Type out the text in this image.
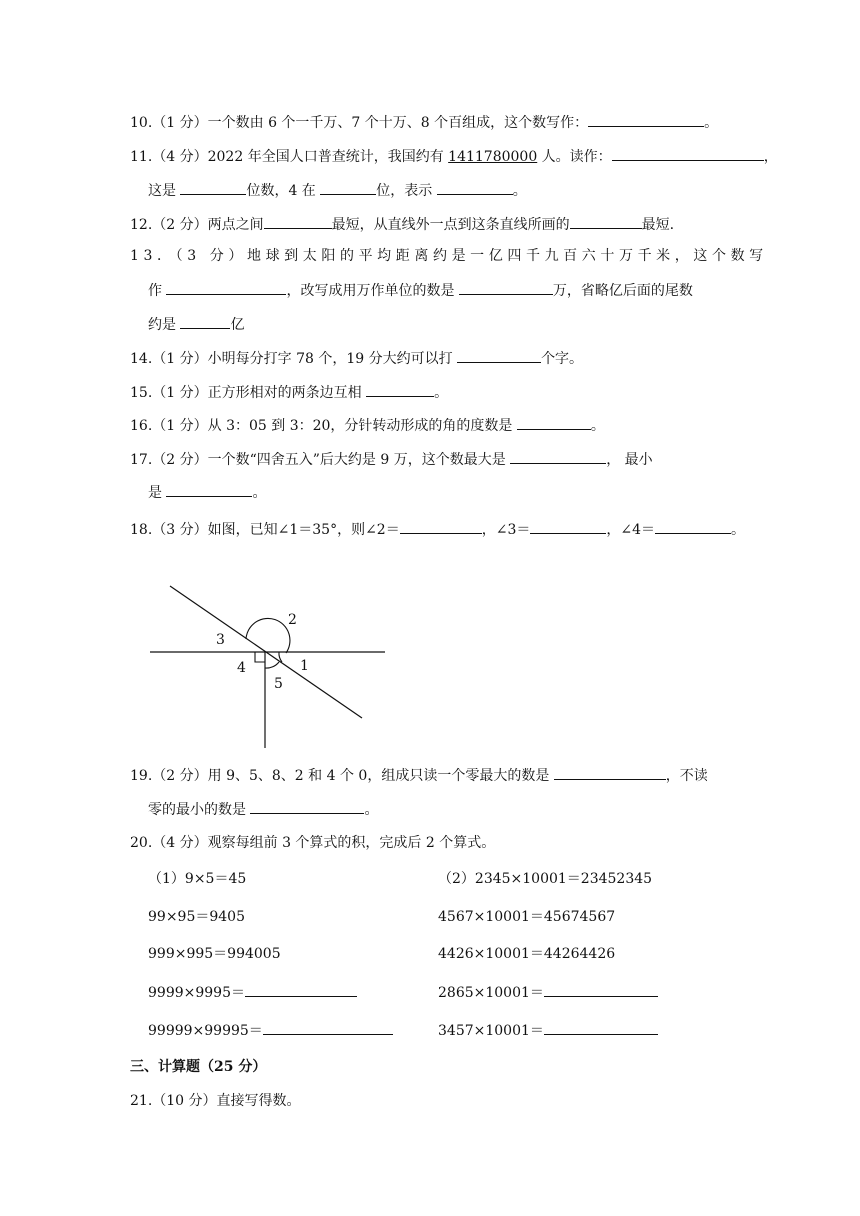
10.（1 分）一个数由 6 个一千万、7 个十万、8 个百组成，这个数写作：	。
11.（4 分）2022 年全国人口普查统计，我国约有 1411780000 人。读作：	，
这是	位数，4 在	位，表示	。
12.（2 分）两点之间	最短，从直线外一点到这条直线所画的	最短.
13．（3 分）地球到太阳的平均距离约是一亿四千九百六十万千米，这个数写
作	，改写成用万作单位的数是	万，省略亿后面的尾数
约是	亿
14.（1 分）小明每分打字 78 个，19 分大约可以打	个字。
15.（1 分）正方形相对的两条边互相	。
16.（1 分）从 3：05 到 3：20，分针转动形成的角的度数是	。
17.（2 分）一个数“四舍五入”后大约是 9 万，这个数最大是	， 最小
是	。
18.（3 分）如图，已知∠1＝35°，则∠2＝	，∠3＝	，∠4＝	。
2
3
4	1
5
19.（2 分）用 9、5、8、2 和 4 个 0，组成只读一个零最大的数是	，不读
零的最小的数是	。
20.（4 分）观察每组前 3 个算式的积，完成后 2 个算式。
（1）9×5＝45
99×95＝9405
999×995＝994005
9999×9995＝
99999×99995＝
（2）2345×10001＝23452345
4567×10001＝45674567
4426×10001＝44264426
2865×10001＝
3457×10001＝
三、计算题（25 分）
21.（10 分）直接写得数。
